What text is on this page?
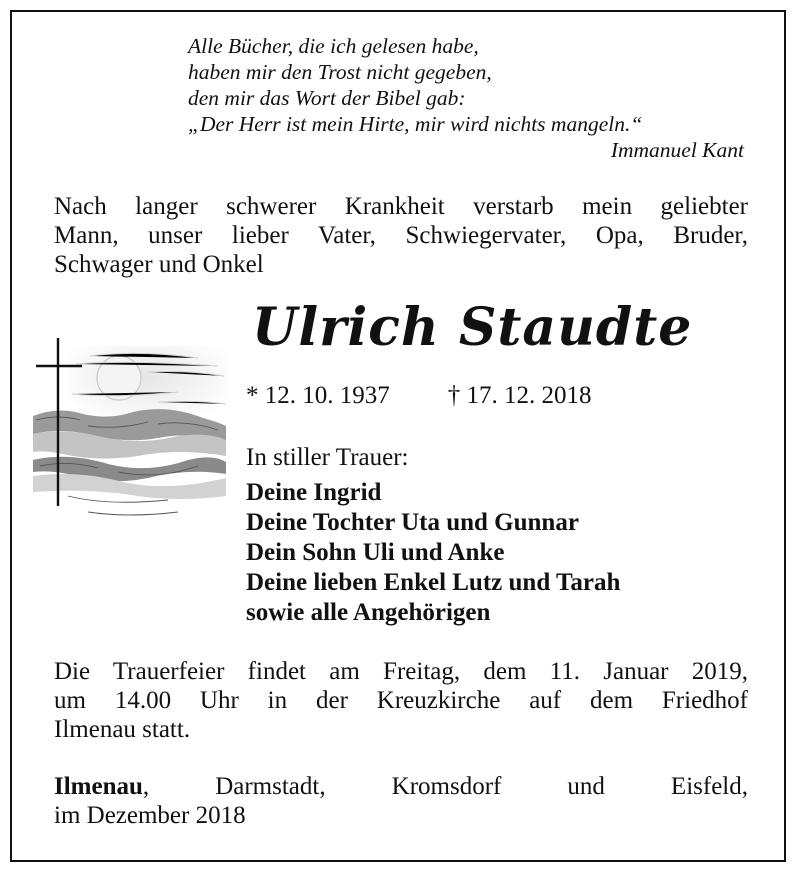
Alle Bücher, die ich gelesen habe,
haben mir den Trost nicht gegeben,
den mir das Wort der Bibel gab:
„Der Herr ist mein Hirte, mir wird nichts mangeln.“
Immanuel Kant
Nach langer schwerer Krankheit verstarb mein geliebter
Mann, unser lieber Vater, Schwiegervater, Opa, Bruder,
Schwager und Onkel
Ulrich Staudte
* 12. 10. 1937 † 17. 12. 2018
In stiller Trauer:
Deine Ingrid
Deine Tochter Uta und Gunnar
Dein Sohn Uli und Anke
Deine lieben Enkel Lutz und Tarah
sowie alle Angehörigen
Die Trauerfeier findet am Freitag, dem 11. Januar 2019,
um 14.00 Uhr in der Kreuzkirche auf dem Friedhof
Ilmenau statt.
Ilmenau, Darmstadt, Kromsdorf und Eisfeld,
im Dezember 2018
